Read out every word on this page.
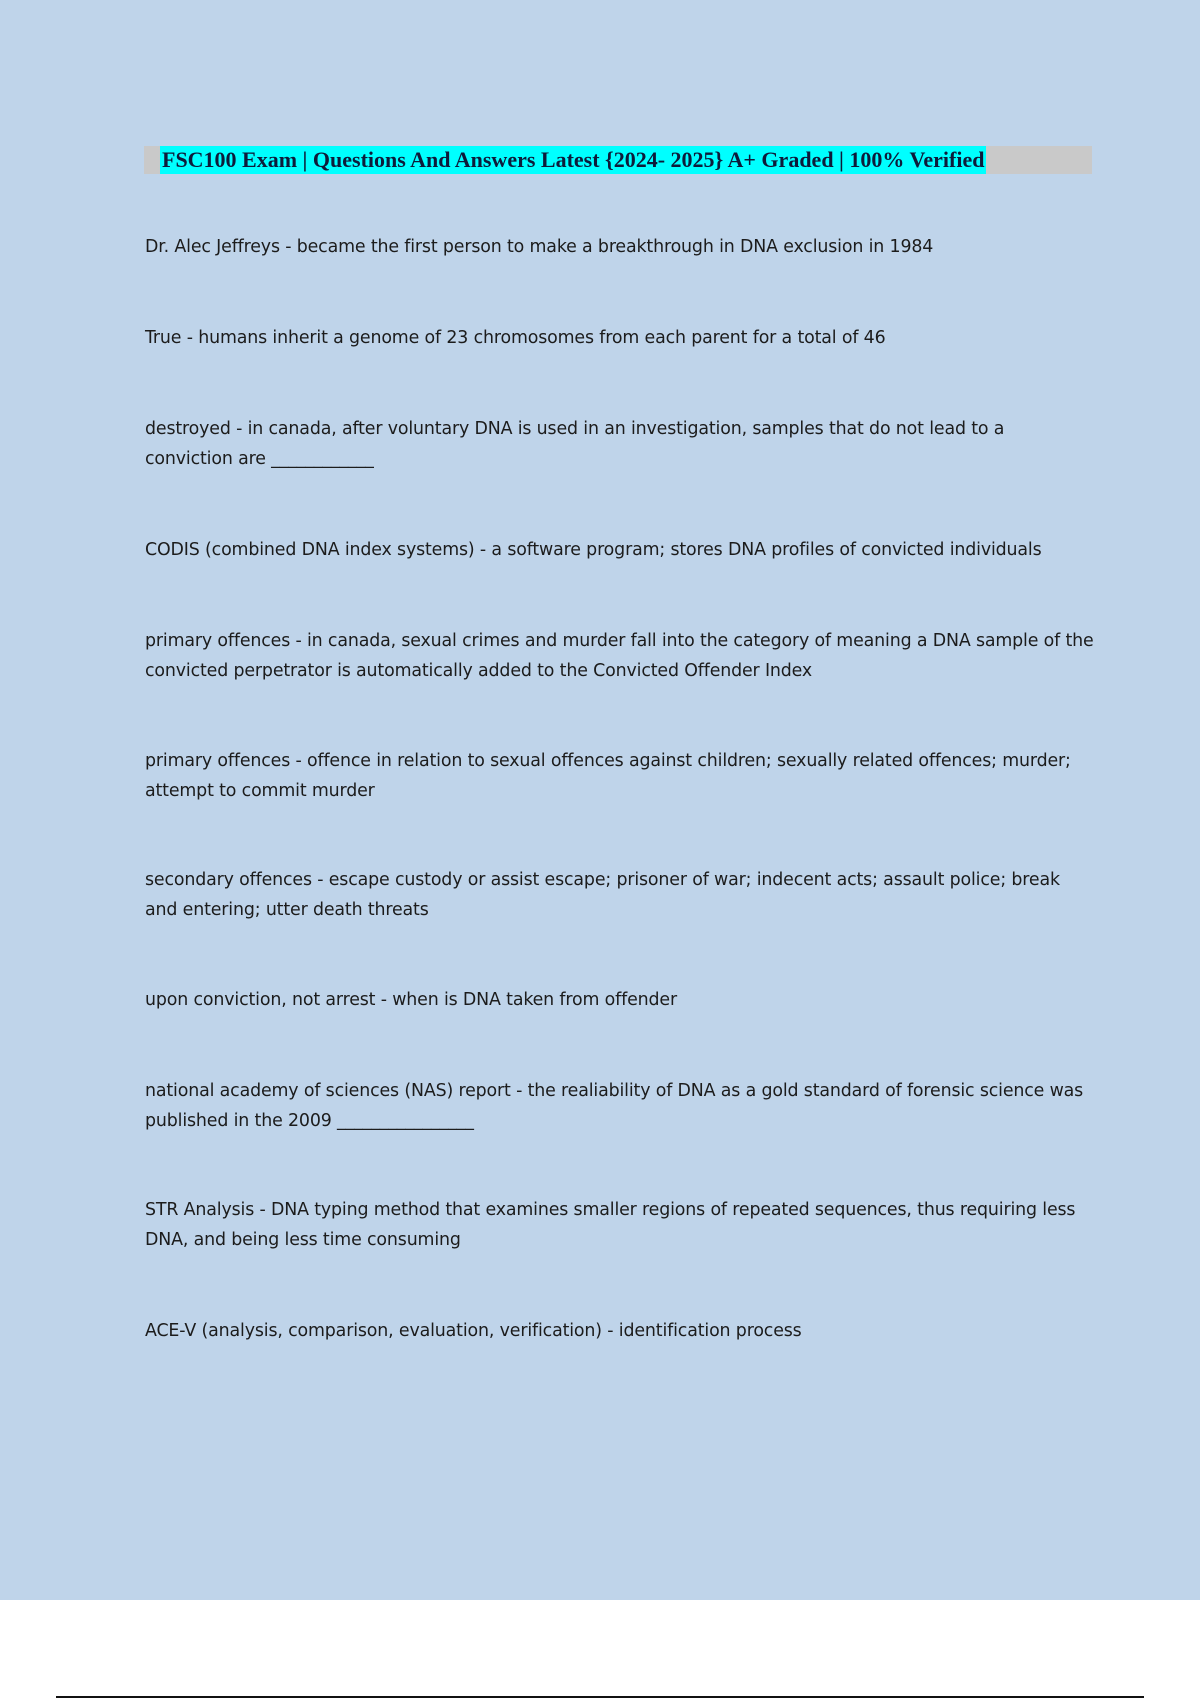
FSC100 Exam | Questions And Answers Latest {2024- 2025} A+ Graded | 100% Verified

Dr. Alec Jeffreys - became the first person to make a breakthrough in DNA exclusion in 1984

True - humans inherit a genome of 23 chromosomes from each parent for a total of 46

destroyed - in canada, after voluntary DNA is used in an investigation, samples that do not lead to a conviction are ____________

CODIS (combined DNA index systems) - a software program; stores DNA profiles of convicted individuals

primary offences - in canada, sexual crimes and murder fall into the category of meaning a DNA sample of the convicted perpetrator is automatically added to the Convicted Offender Index

primary offences - offence in relation to sexual offences against children; sexually related offences; murder; attempt to commit murder

secondary offences - escape custody or assist escape; prisoner of war; indecent acts; assault police; break and entering; utter death threats

upon conviction, not arrest - when is DNA taken from offender

national academy of sciences (NAS) report - the realiability of DNA as a gold standard of forensic science was published in the 2009 ________________

STR Analysis - DNA typing method that examines smaller regions of repeated sequences, thus requiring less DNA, and being less time consuming

ACE-V (analysis, comparison, evaluation, verification) - identification process
